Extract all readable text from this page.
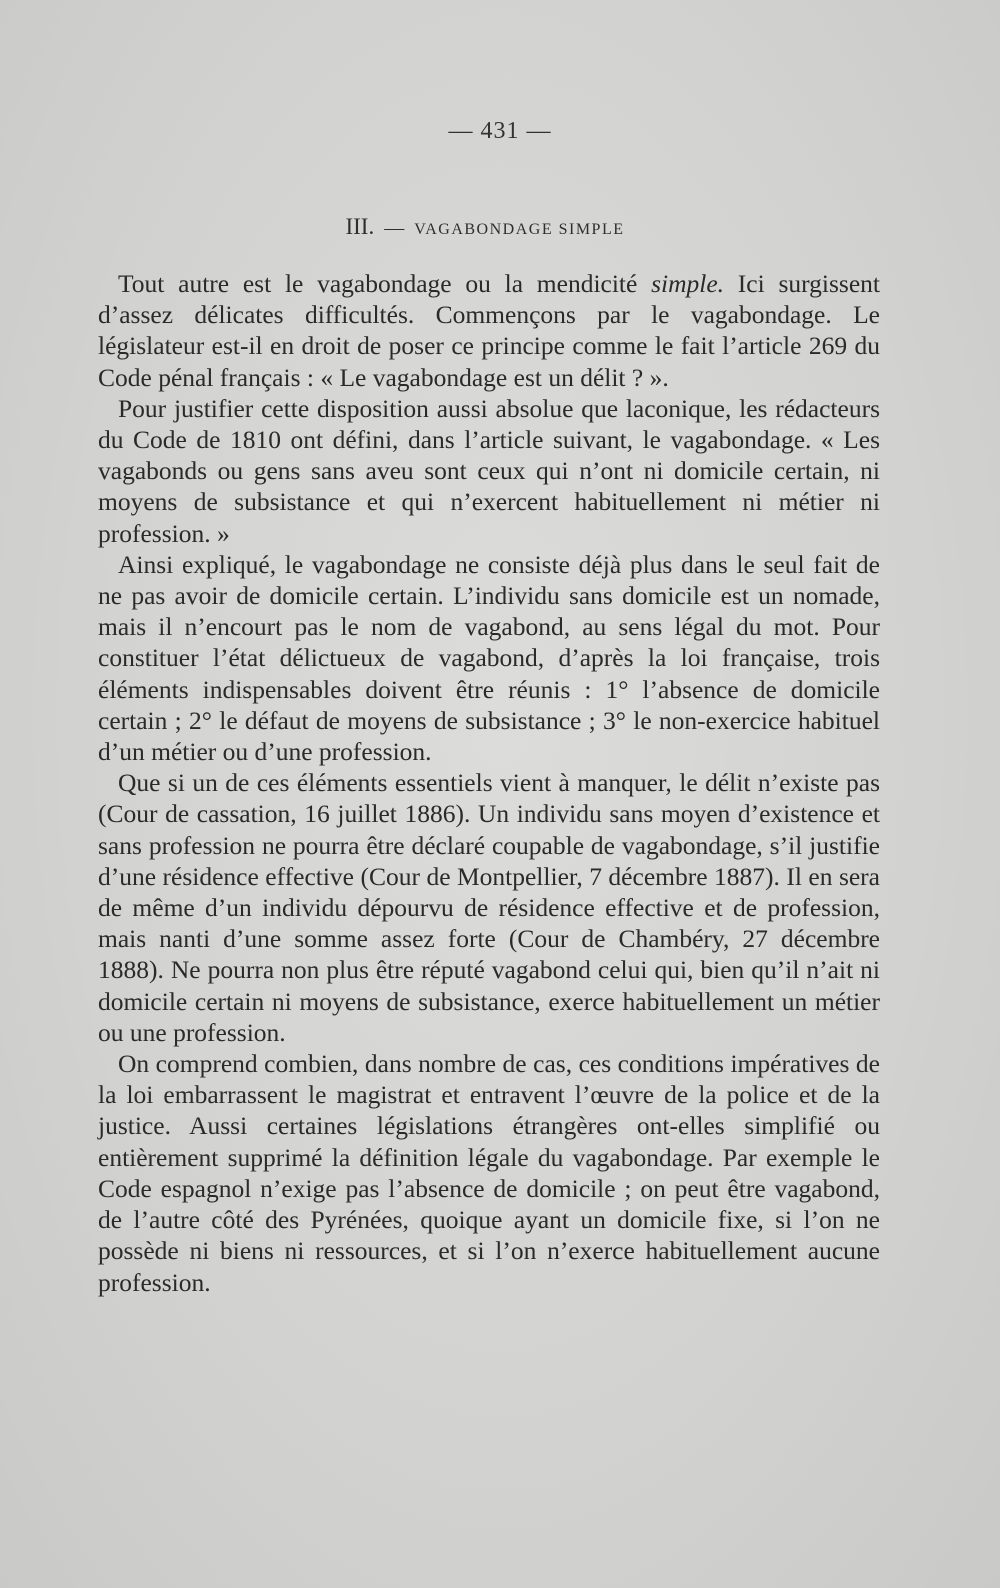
— 431 —
III. — VAGABONDAGE SIMPLE

Tout autre est le vagabondage ou la mendicité simple. Ici surgissent d’assez délicates difficultés. Commençons par le vagabondage. Le législateur est-il en droit de poser ce principe comme le fait l’article 269 du Code pénal français : « Le vagabondage est un délit ? ».

Pour justifier cette disposition aussi absolue que laconique, les rédacteurs du Code de 1810 ont défini, dans l’article suivant, le vagabondage. « Les vagabonds ou gens sans aveu sont ceux qui n’ont ni domicile certain, ni moyens de subsistance et qui n’exercent habituellement ni métier ni profession. »

Ainsi expliqué, le vagabondage ne consiste déjà plus dans le seul fait de ne pas avoir de domicile certain. L’individu sans domicile est un nomade, mais il n’encourt pas le nom de vagabond, au sens légal du mot. Pour constituer l’état délictueux de vagabond, d’après la loi française, trois éléments indispensables doivent être réunis : 1° l’absence de domicile certain ; 2° le défaut de moyens de subsistance ; 3° le non-exercice habituel d’un métier ou d’une profession.

Que si un de ces éléments essentiels vient à manquer, le délit n’existe pas (Cour de cassation, 16 juillet 1886). Un individu sans moyen d’existence et sans profession ne pourra être déclaré coupable de vagabondage, s’il justifie d’une résidence effective (Cour de Montpellier, 7 décembre 1887). Il en sera de même d’un individu dépourvu de résidence effective et de profession, mais nanti d’une somme assez forte (Cour de Chambéry, 27 décembre 1888). Ne pourra non plus être réputé vagabond celui qui, bien qu’il n’ait ni domicile certain ni moyens de subsistance, exerce habituellement un métier ou une profession.

On comprend combien, dans nombre de cas, ces conditions impératives de la loi embarrassent le magistrat et entravent l’œuvre de la police et de la justice. Aussi certaines législations étrangères ont-elles simplifié ou entièrement supprimé la définition légale du vagabondage. Par exemple le Code espagnol n’exige pas l’absence de domicile ; on peut être vagabond, de l’autre côté des Pyrénées, quoique ayant un domicile fixe, si l’on ne possède ni biens ni ressources, et si l’on n’exerce habituellement aucune profession.
